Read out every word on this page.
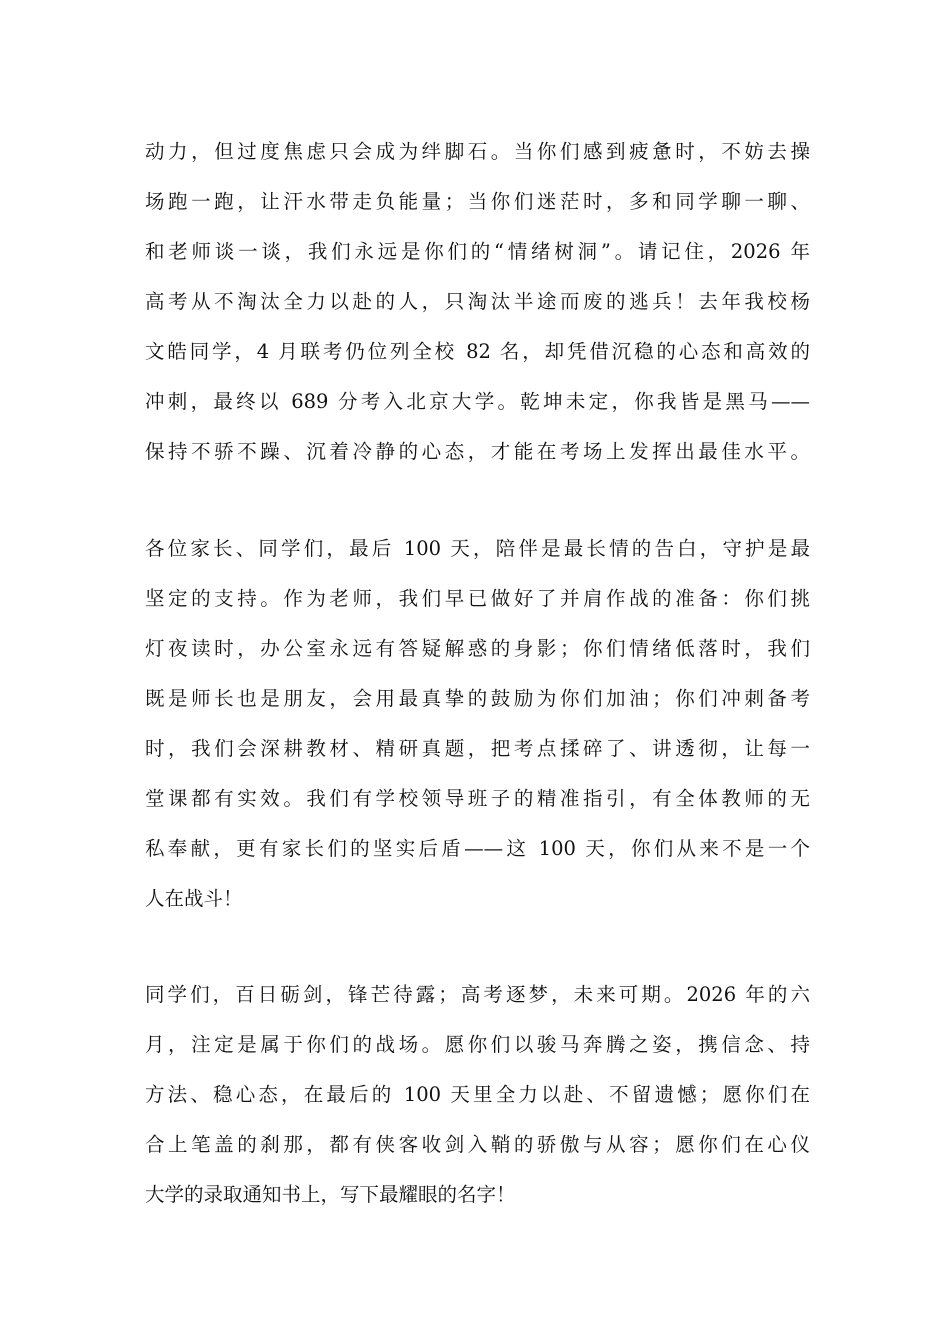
动力，但过度焦虑只会成为绊脚石。当你们感到疲惫时，不妨去操
场跑一跑，让汗水带走负能量；当你们迷茫时，多和同学聊一聊、
和老师谈一谈，我们永远是你们的“情绪树洞”。请记住，2026 年
高考从不淘汰全力以赴的人，只淘汰半途而废的逃兵！去年我校杨
文皓同学，4 月联考仍位列全校 82 名，却凭借沉稳的心态和高效的
冲刺，最终以 689 分考入北京大学。乾坤未定，你我皆是黑马——
保持不骄不躁、沉着冷静的心态，才能在考场上发挥出最佳水平。
各位家长、同学们，最后 100 天，陪伴是最长情的告白，守护是最
坚定的支持。作为老师，我们早已做好了并肩作战的准备：你们挑
灯夜读时，办公室永远有答疑解惑的身影；你们情绪低落时，我们
既是师长也是朋友，会用最真挚的鼓励为你们加油；你们冲刺备考
时，我们会深耕教材、精研真题，把考点揉碎了、讲透彻，让每一
堂课都有实效。我们有学校领导班子的精准指引，有全体教师的无
私奉献，更有家长们的坚实后盾——这 100 天，你们从来不是一个
人在战斗！
同学们，百日砺剑，锋芒待露；高考逐梦，未来可期。2026 年的六
月，注定是属于你们的战场。愿你们以骏马奔腾之姿，携信念、持
方法、稳心态，在最后的 100 天里全力以赴、不留遗憾；愿你们在
合上笔盖的刹那，都有侠客收剑入鞘的骄傲与从容；愿你们在心仪
大学的录取通知书上，写下最耀眼的名字！
